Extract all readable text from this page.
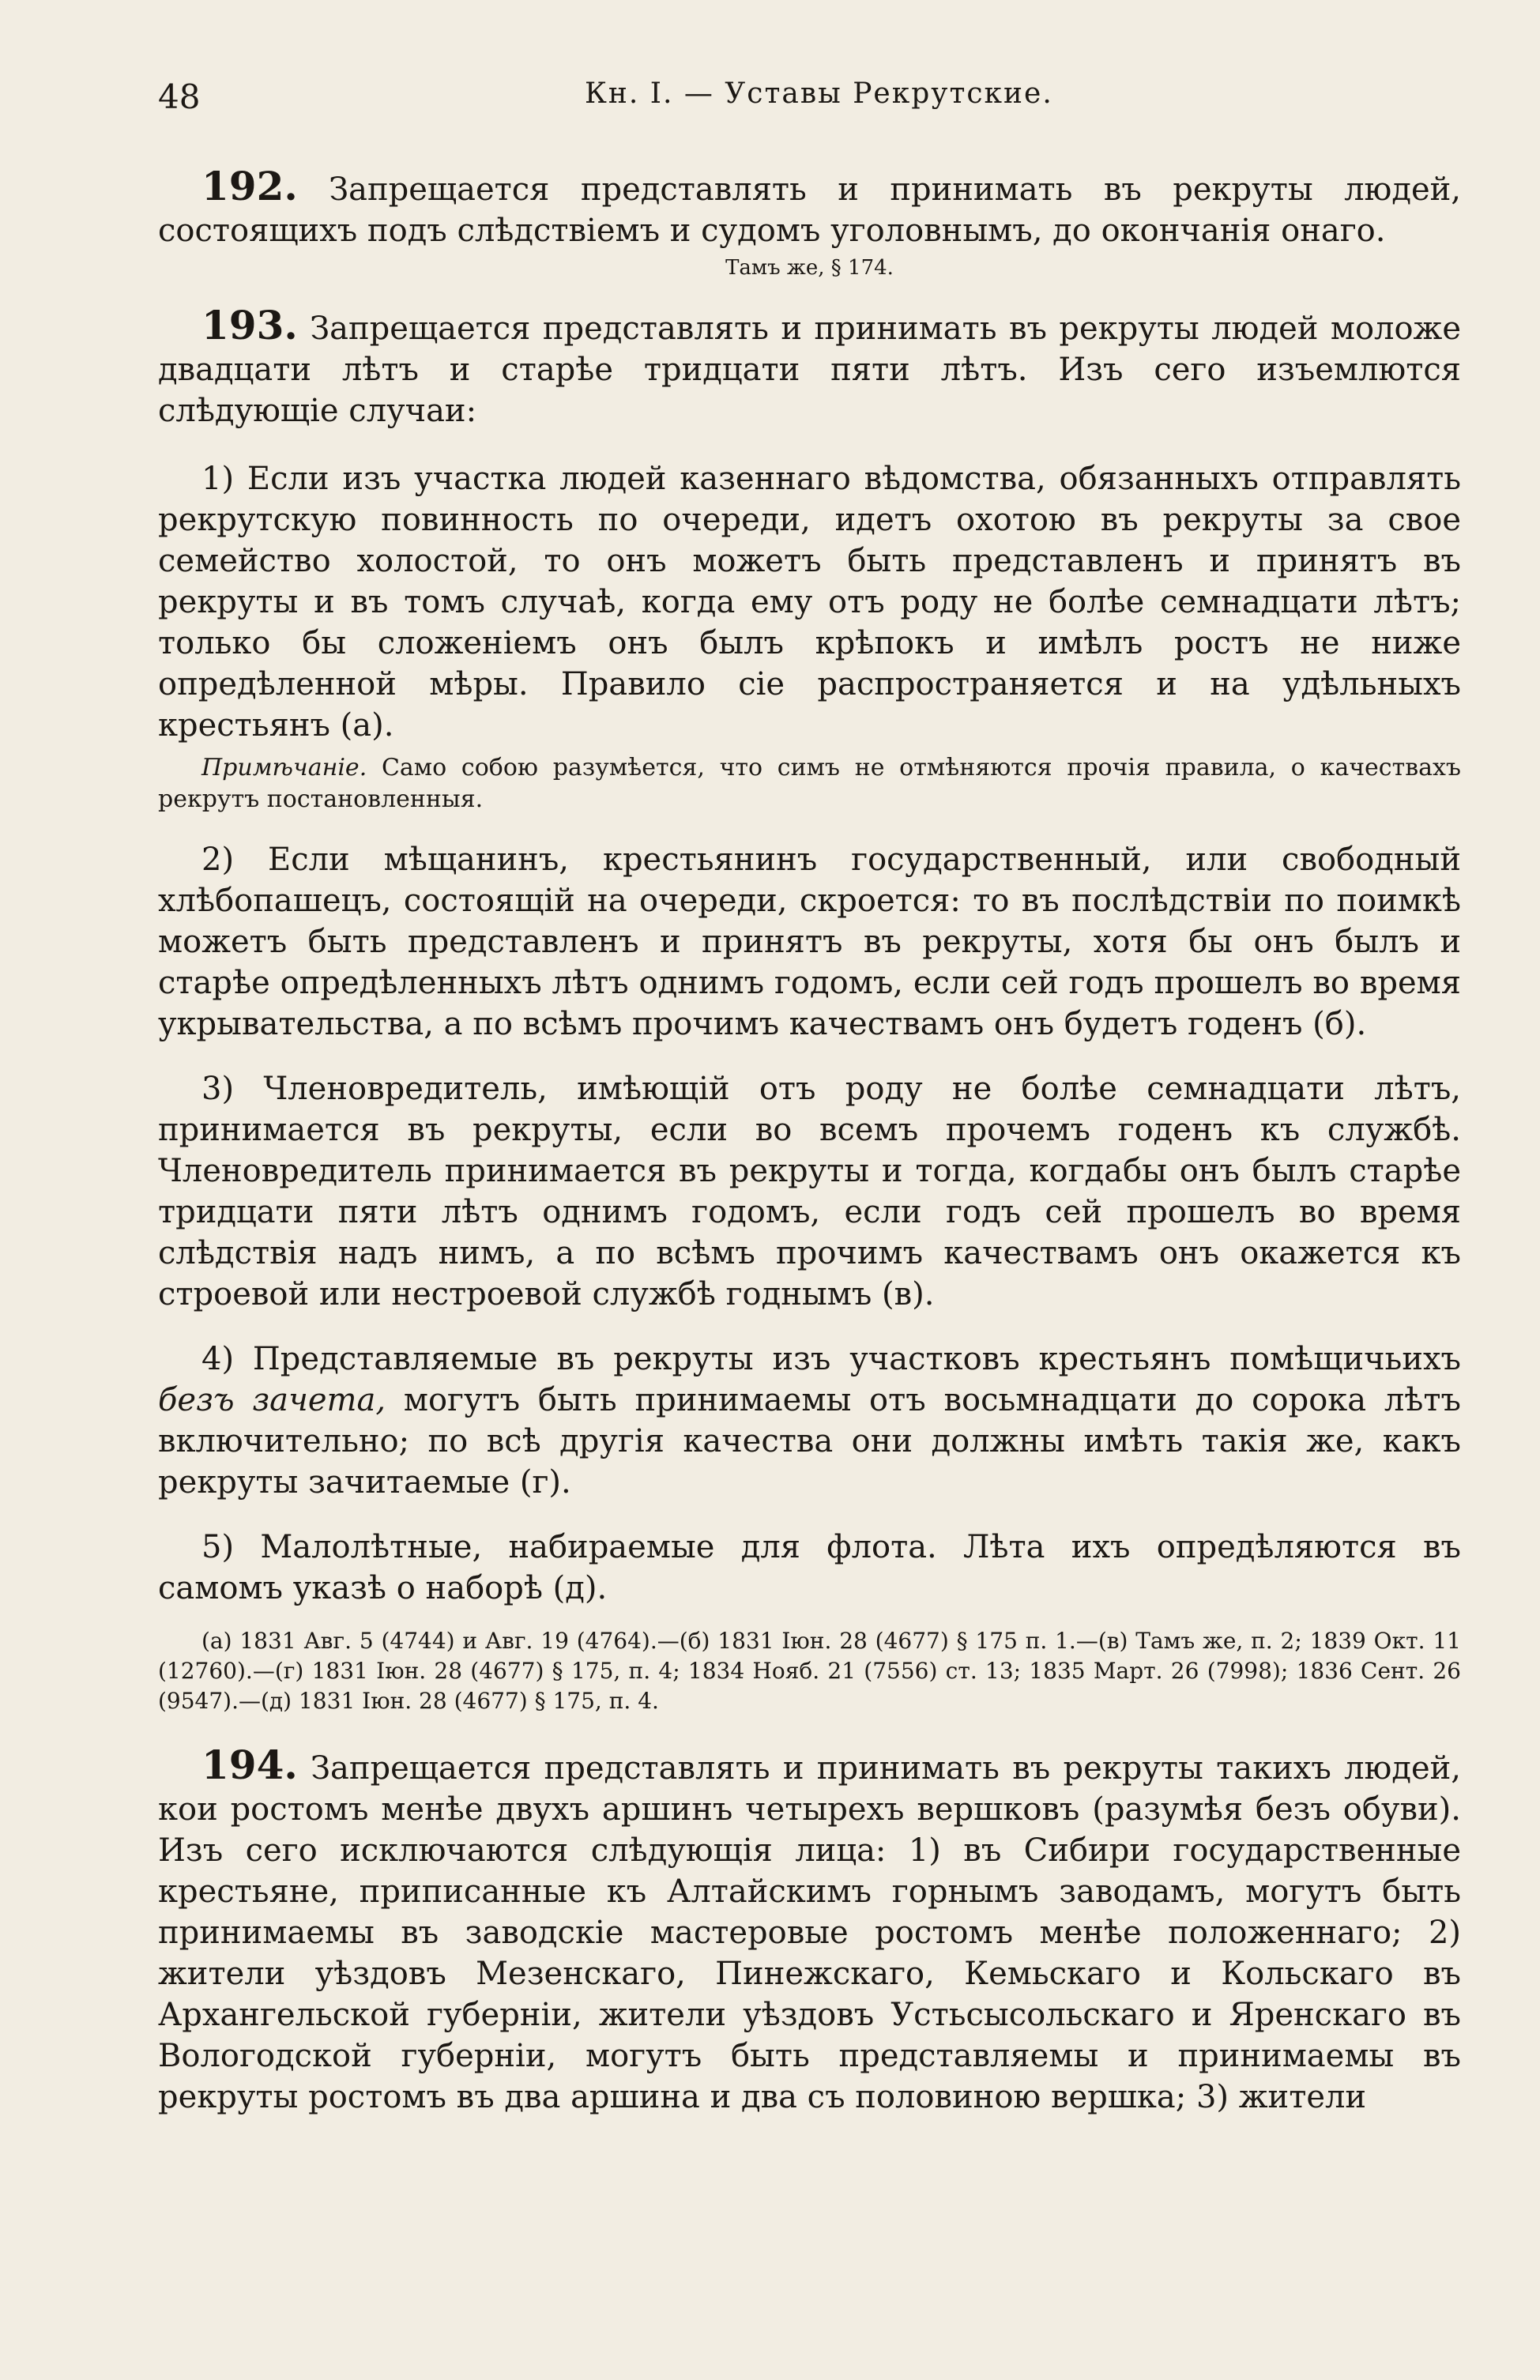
48	Кн. I. — Уставы Рекрутские.

192. Запрещается представлять и принимать въ рекруты людей, состоящихъ подъ слѣдствіемъ и судомъ уголовнымъ, до окончанія онаго.

Тамъ же, § 174.

193. Запрещается представлять и принимать въ рекруты людей моложе двадцати лѣтъ и старѣе тридцати пяти лѣтъ. Изъ сего изъемлются слѣдующіе случаи:

1) Если изъ участка людей казеннаго вѣдомства, обязанныхъ отправлять рекрутскую повинность по очереди, идетъ охотою въ рекруты за свое семейство холостой, то онъ можетъ быть представленъ и принятъ въ рекруты и въ томъ случаѣ, когда ему отъ роду не болѣе семнадцати лѣтъ; только бы сложеніемъ онъ былъ крѣпокъ и имѣлъ ростъ не ниже опредѣленной мѣры. Правило сіе распространяется и на удѣльныхъ крестьянъ (а).

Примѣчаніе. Само собою разумѣется, что симъ не отмѣняются прочія правила, о качествахъ рекрутъ постановленныя.

2) Если мѣщанинъ, крестьянинъ государственный, или свободный хлѣбопашецъ, состоящій на очереди, скроется: то въ послѣдствіи по поимкѣ можетъ быть представленъ и принятъ въ рекруты, хотя бы онъ былъ и старѣе опредѣленныхъ лѣтъ однимъ годомъ, если сей годъ прошелъ во время укрывательства, а по всѣмъ прочимъ качествамъ онъ будетъ годенъ (б).

3) Членовредитель, имѣющій отъ роду не болѣе семнадцати лѣтъ, принимается въ рекруты, если во всемъ прочемъ годенъ къ службѣ. Членовредитель принимается въ рекруты и тогда, когдабы онъ былъ старѣе тридцати пяти лѣтъ однимъ годомъ, если годъ сей прошелъ во время слѣдствія надъ нимъ, а по всѣмъ прочимъ качествамъ онъ окажется къ строевой или нестроевой службѣ годнымъ (в).

4) Представляемые въ рекруты изъ участковъ крестьянъ помѣщичьихъ безъ зачета, могутъ быть принимаемы отъ восьмнадцати до сорока лѣтъ включительно; по всѣ другія качества они должны имѣть такія же, какъ рекруты зачитаемые (г).

5) Малолѣтные, набираемые для флота. Лѣта ихъ опредѣляются въ самомъ указѣ о наборѣ (д).

(а) 1831 Авг. 5 (4744) и Авг. 19 (4764).—(б) 1831 Іюн. 28 (4677) § 175 п. 1.—(в) Тамъ же, п. 2; 1839 Окт. 11 (12760).—(г) 1831 Іюн. 28 (4677) § 175, п. 4; 1834 Нояб. 21 (7556) ст. 13; 1835 Март. 26 (7998); 1836 Сент. 26 (9547).—(д) 1831 Іюн. 28 (4677) § 175, п. 4.

194. Запрещается представлять и принимать въ рекруты такихъ людей, кои ростомъ менѣе двухъ аршинъ четырехъ вершковъ (разумѣя безъ обуви). Изъ сего исключаются слѣдующія лица: 1) въ Сибири государственные крестьяне, приписанные къ Алтайскимъ горнымъ заводамъ, могутъ быть принимаемы въ заводскіе мастеровые ростомъ менѣе положеннаго; 2) жители уѣздовъ Мезенскаго, Пинежскаго, Кемьскаго и Кольскаго въ Архангельской губерніи, жители уѣздовъ Устьсысольскаго и Яренскаго въ Вологодской губерніи, могутъ быть представляемы и принимаемы въ рекруты ростомъ въ два аршина и два съ половиною вершка; 3) жители
